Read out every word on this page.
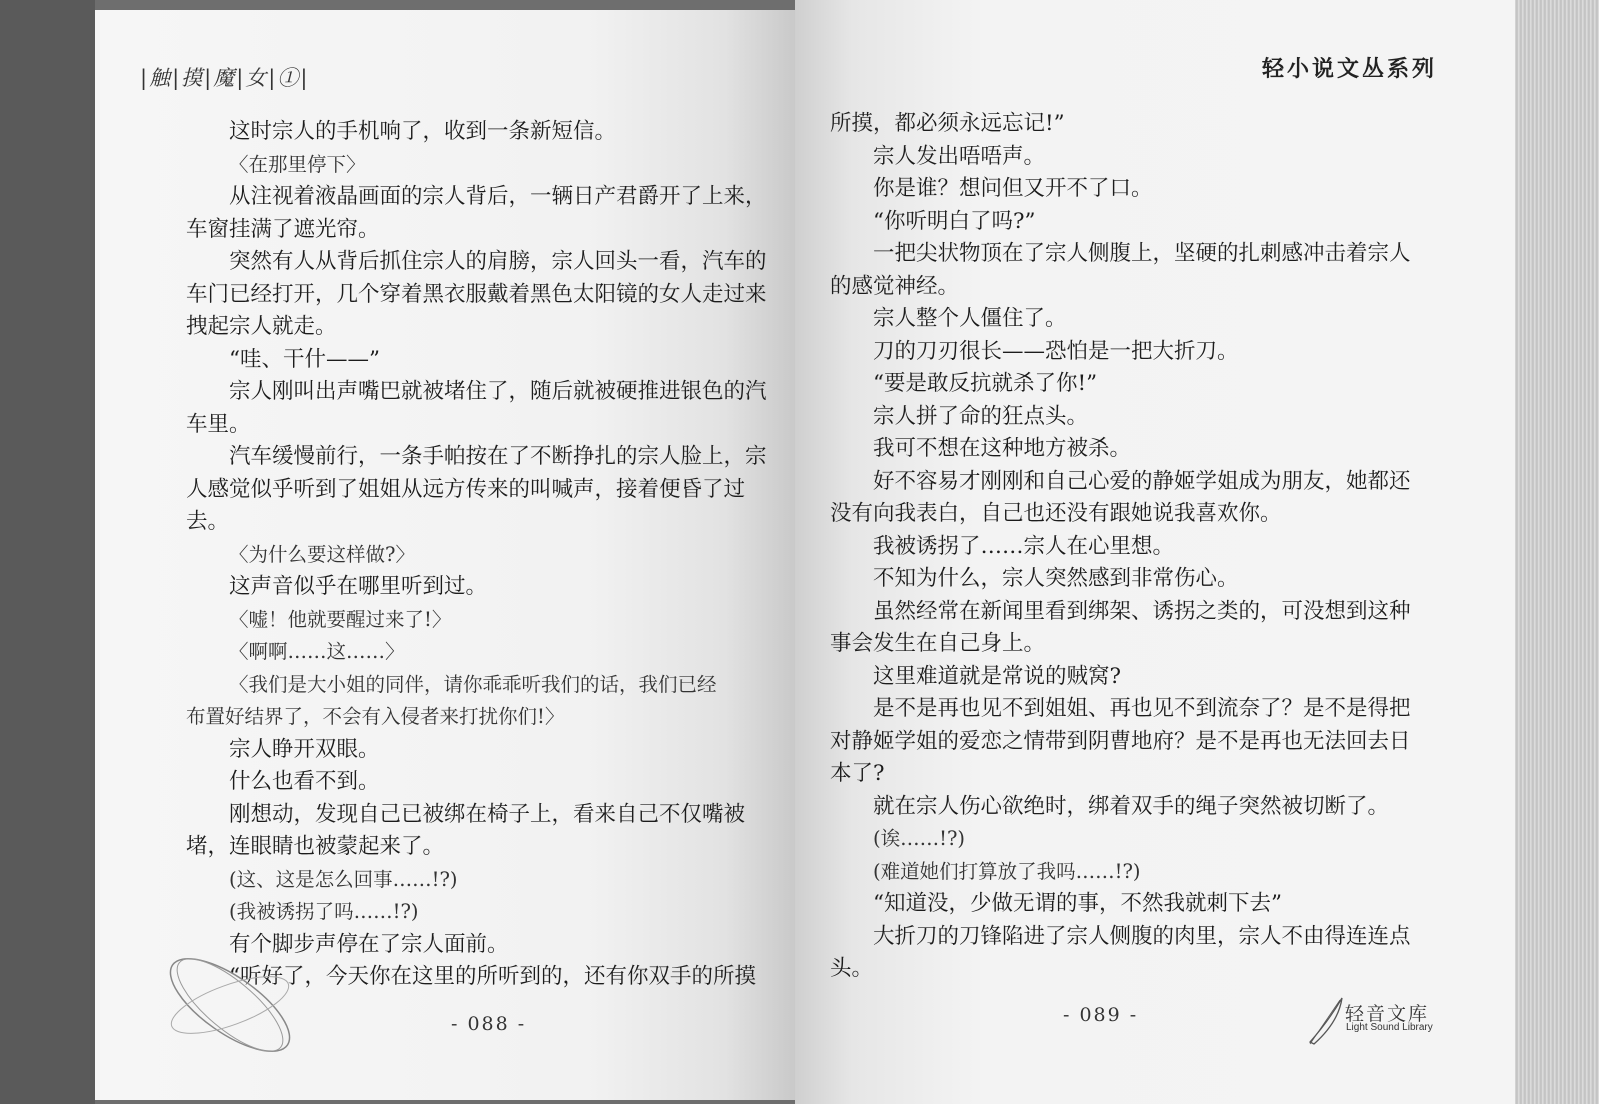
|触|摸|魔|女|①|	轻小说文丛系列
这时宗人的手机响了，收到一条新短信。
〈在那里停下〉
从注视着液晶画面的宗人背后，一辆日产君爵开了上来，
车窗挂满了遮光帘。
突然有人从背后抓住宗人的肩膀，宗人回头一看，汽车的
车门已经打开，几个穿着黑衣服戴着黑色太阳镜的女人走过来
拽起宗人就走。
“哇、干什——”
宗人刚叫出声嘴巴就被堵住了，随后就被硬推进银色的汽
车里。
汽车缓慢前行，一条手帕按在了不断挣扎的宗人脸上，宗
人感觉似乎听到了姐姐从远方传来的叫喊声，接着便昏了过
去。
〈为什么要这样做?〉
这声音似乎在哪里听到过。
〈嘘！他就要醒过来了!〉
〈啊啊……这……〉
〈我们是大小姐的同伴，请你乖乖听我们的话，我们已经
布置好结界了，不会有入侵者来打扰你们!〉
宗人睁开双眼。
什么也看不到。
刚想动，发现自己已被绑在椅子上，看来自己不仅嘴被
堵，连眼睛也被蒙起来了。
(这、这是怎么回事……!?)
(我被诱拐了吗……!?)
有个脚步声停在了宗人面前。
“听好了，今天你在这里的所听到的，还有你双手的所摸
所摸，都必须永远忘记!”
宗人发出唔唔声。
你是谁？想问但又开不了口。
“你听明白了吗?”
一把尖状物顶在了宗人侧腹上，坚硬的扎刺感冲击着宗人
的感觉神经。
宗人整个人僵住了。
刀的刀刃很长——恐怕是一把大折刀。
“要是敢反抗就杀了你!”
宗人拼了命的狂点头。
我可不想在这种地方被杀。
好不容易才刚刚和自己心爱的静姬学姐成为朋友，她都还
没有向我表白，自己也还没有跟她说我喜欢你。
我被诱拐了……宗人在心里想。
不知为什么，宗人突然感到非常伤心。
虽然经常在新闻里看到绑架、诱拐之类的，可没想到这种
事会发生在自己身上。
这里难道就是常说的贼窝?
是不是再也见不到姐姐、再也见不到流奈了？是不是得把
对静姬学姐的爱恋之情带到阴曹地府？是不是再也无法回去日
本了?
就在宗人伤心欲绝时，绑着双手的绳子突然被切断了。
(诶……!?)
(难道她们打算放了我吗……!?)
“知道没，少做无谓的事，不然我就刺下去”
大折刀的刀锋陷进了宗人侧腹的肉里，宗人不由得连连点
头。
- 088 -	- 089 -	轻音文库
Light Sound Library
